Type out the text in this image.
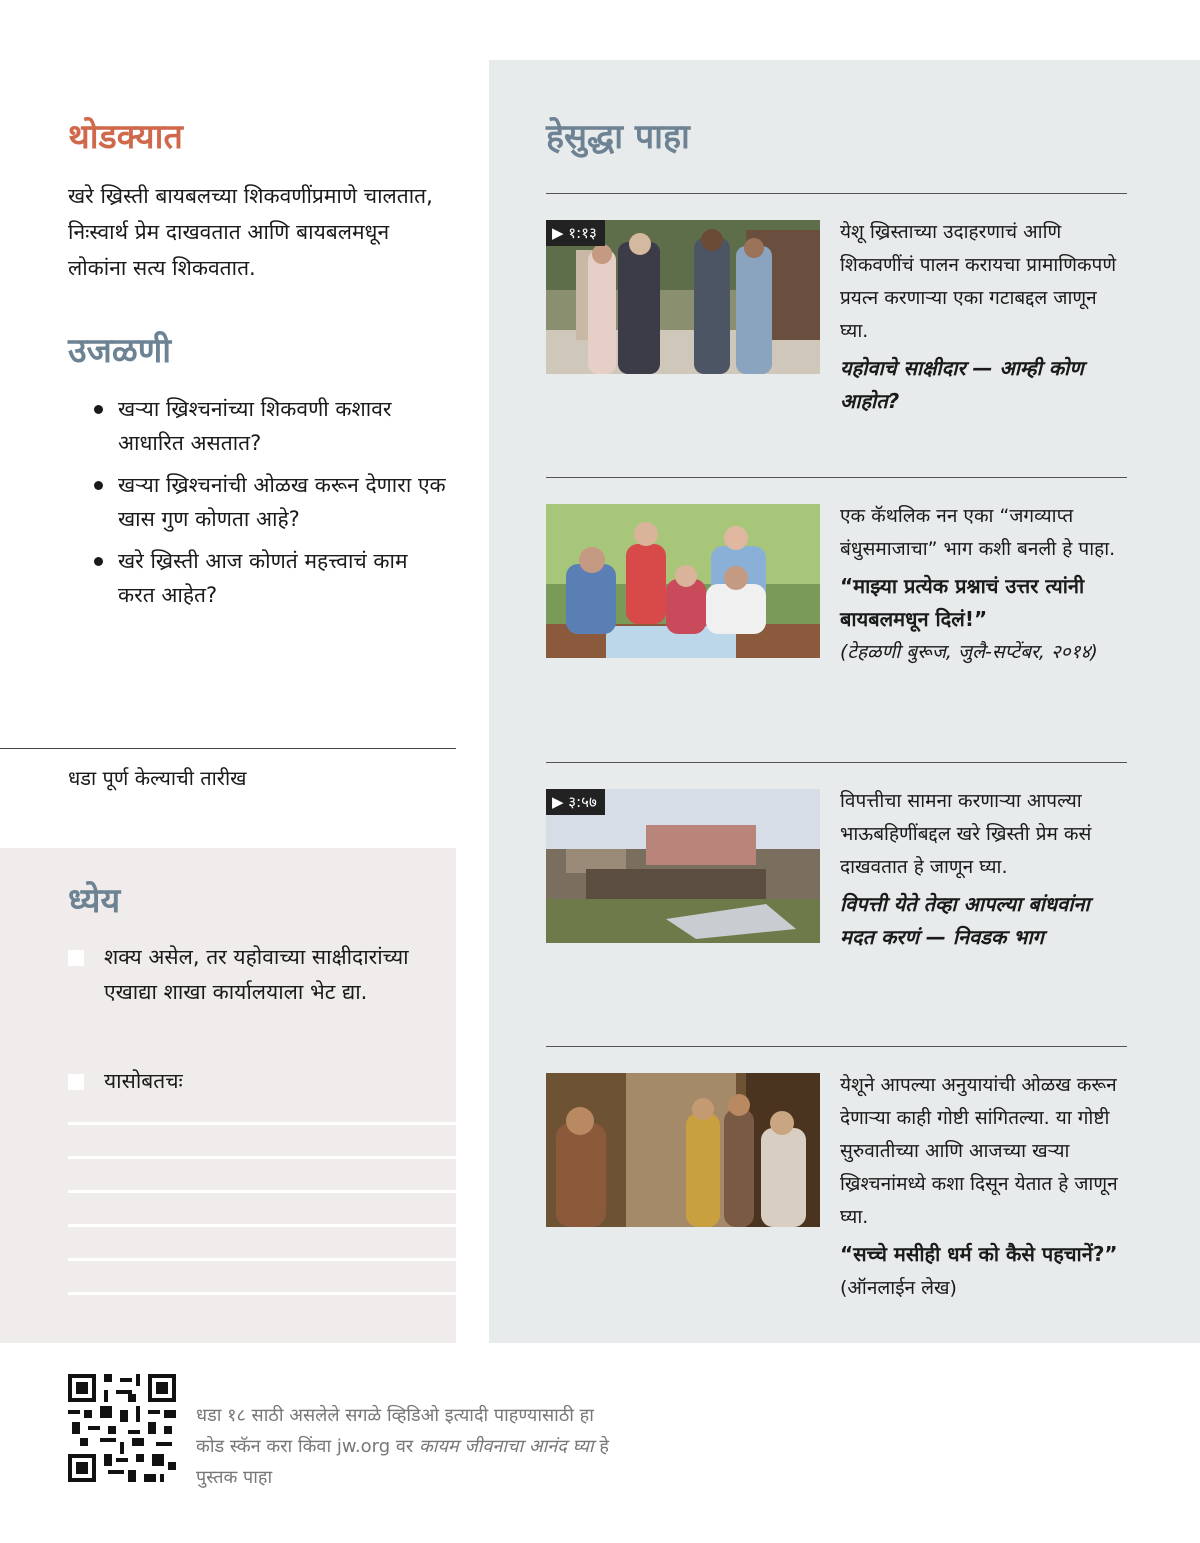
थोडक्यात
खरे ख्रिस्ती बायबलच्या शिकवणींप्रमाणे चालतात, निःस्वार्थ प्रेम दाखवतात आणि बायबलमधून लोकांना सत्य शिकवतात.
उजळणी
खऱ्या ख्रिश्चनांच्या शिकवणी कशावर आधारित असतात?
खऱ्या ख्रिश्चनांची ओळख करून देणारा एक खास गुण कोणता आहे?
खरे ख्रिस्ती आज कोणतं महत्त्वाचं काम करत आहेत?
धडा पूर्ण केल्याची तारीख
ध्येय
शक्य असेल, तर यहोवाच्या साक्षीदारांच्या एखाद्या शाखा कार्यालयाला भेट द्या.
यासोबतचः
हेसुद्धा पाहा
▶ १:१३	येशू ख्रिस्ताच्या उदाहरणाचं आणि शिकवणींचं पालन करायचा प्रामाणिकपणे प्रयत्न करणाऱ्या एका गटाबद्दल जाणून घ्या.
यहोवाचे साक्षीदार — आम्ही कोण आहोत?
एक कॅथलिक नन एका “जगव्याप्त बंधुसमाजाचा” भाग कशी बनली हे पाहा.
“माझ्या प्रत्येक प्रश्नाचं उत्तर त्यांनी बायबलमधून दिलं!”
(टेहळणी बुरूज, जुलै-सप्टेंबर, २०१४)
▶ ३:५७	विपत्तीचा सामना करणाऱ्या आपल्या भाऊबहिणींबद्दल खरे ख्रिस्ती प्रेम कसं दाखवतात हे जाणून घ्या.
विपत्ती येते तेव्हा आपल्या बांधवांना मदत करणं — निवडक भाग
येशूने आपल्या अनुयायांची ओळख करून देणाऱ्या काही गोष्टी सांगितल्या. या गोष्टी सुरुवातीच्या आणि आजच्या खऱ्या ख्रिश्चनांमध्ये कशा दिसून येतात हे जाणून घ्या.
“सच्चे मसीही धर्म को कैसे पहचानें?” (ऑनलाईन लेख)
धडा १८ साठी असलेले सगळे व्हिडिओ इत्यादी पाहण्यासाठी हा कोड स्कॅन करा किंवा jw.org वर कायम जीवनाचा आनंद घ्या हे पुस्तक पाहा
